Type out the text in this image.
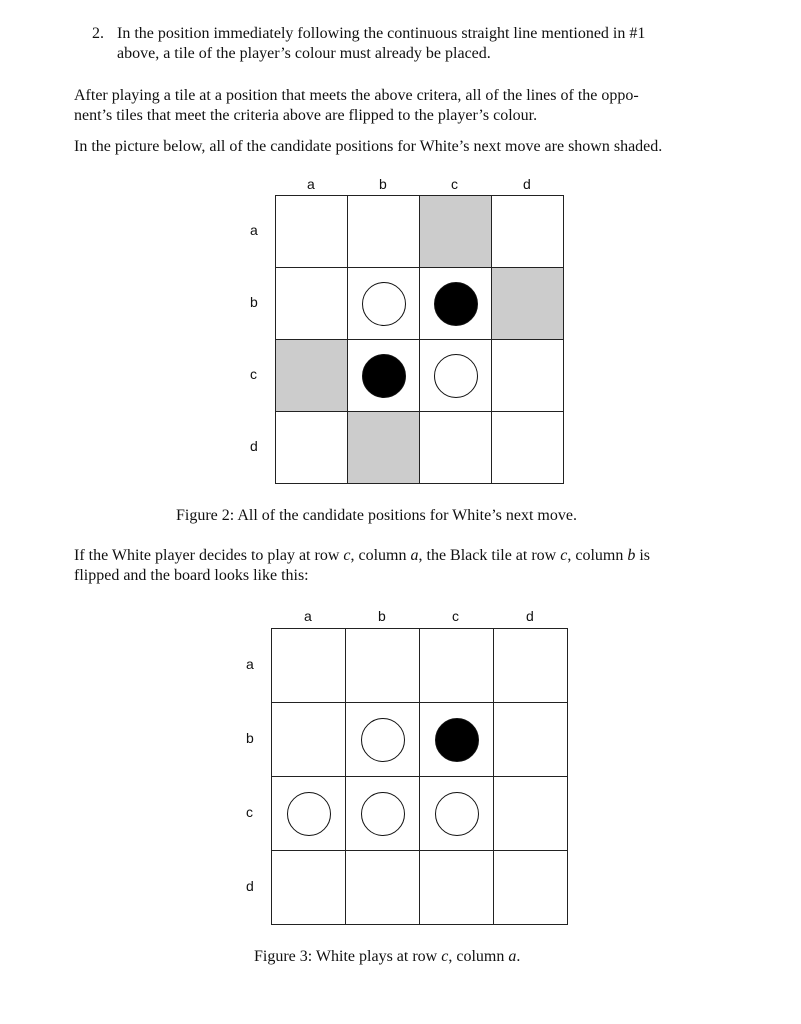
2. In the position immediately following the continuous straight line mentioned in #1
above, a tile of the player’s colour must already be placed.
After playing a tile at a position that meets the above critera, all of the lines of the oppo-
nent’s tiles that meet the criteria above are flipped to the player’s colour.
In the picture below, all of the candidate positions for White’s next move are shown shaded.
a	b	c	d
a
b
c
d
Figure 2: All of the candidate positions for White’s next move.
If the White player decides to play at row c, column a, the Black tile at row c, column b is
flipped and the board looks like this:
a	b	c	d
a
b
c
d
Figure 3: White plays at row c, column a.
